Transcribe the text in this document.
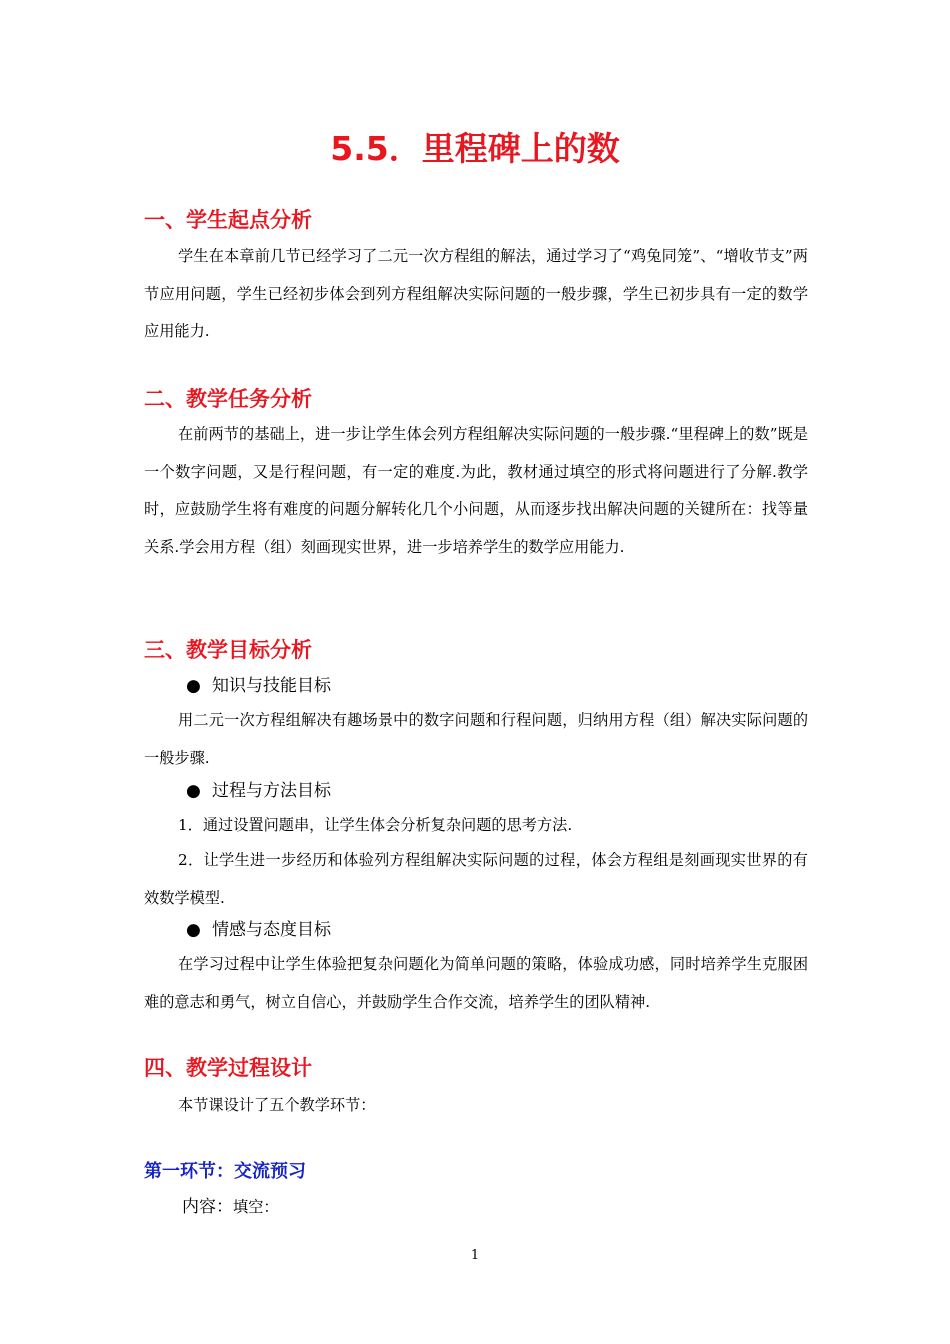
5.5．里程碑上的数
一、学生起点分析

学生在本章前几节已经学习了二元一次方程组的解法，通过学习了“鸡兔同笼”、“增收节支”两节应用问题，学生已经初步体会到列方程组解决实际问题的一般步骤，学生已初步具有一定的数学应用能力.

二、教学任务分析

在前两节的基础上，进一步让学生体会列方程组解决实际问题的一般步骤.“里程碑上的数”既是一个数字问题，又是行程问题，有一定的难度.为此，教材通过填空的形式将问题进行了分解.教学时，应鼓励学生将有难度的问题分解转化几个小问题，从而逐步找出解决问题的关键所在：找等量关系.学会用方程（组）刻画现实世界，进一步培养学生的数学应用能力.

三、教学目标分析

● 知识与技能目标

用二元一次方程组解决有趣场景中的数字问题和行程问题，归纳用方程（组）解决实际问题的一般步骤.

● 过程与方法目标

1．通过设置问题串，让学生体会分析复杂问题的思考方法.

2．让学生进一步经历和体验列方程组解决实际问题的过程，体会方程组是刻画现实世界的有效数学模型.

● 情感与态度目标

在学习过程中让学生体验把复杂问题化为简单问题的策略，体验成功感，同时培养学生克服困难的意志和勇气，树立自信心，并鼓励学生合作交流，培养学生的团队精神.

四、教学过程设计

本节课设计了五个教学环节：

第一环节：交流预习

内容：填空：

1
